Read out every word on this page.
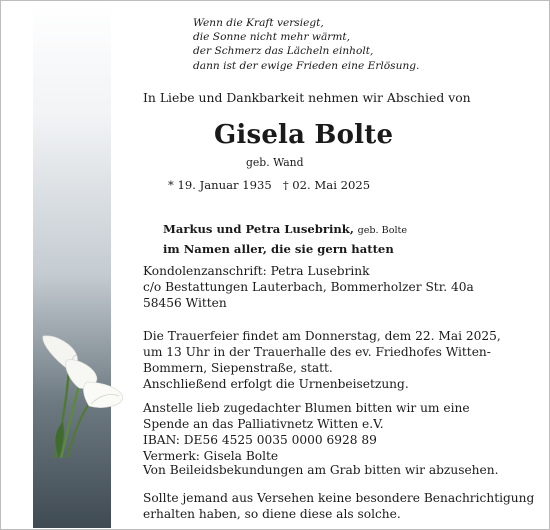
Wenn die Kraft versiegt,
die Sonne nicht mehr wärmt,
der Schmerz das Lächeln einholt,
dann ist der ewige Frieden eine Erlösung.
In Liebe und Dankbarkeit nehmen wir Abschied von
Gisela Bolte
geb. Wand
* 19. Januar 1935 † 02. Mai 2025
Markus und Petra Lusebrink, geb. Bolte
im Namen aller, die sie gern hatten
Kondolenzanschrift: Petra Lusebrink
c/o Bestattungen Lauterbach, Bommerholzer Str. 40a
58456 Witten
Die Trauerfeier findet am Donnerstag, dem 22. Mai 2025,
um 13 Uhr in der Trauerhalle des ev. Friedhofes Witten-
Bommern, Siepenstraße, statt.
Anschließend erfolgt die Urnenbeisetzung.
Anstelle lieb zugedachter Blumen bitten wir um eine
Spende an das Palliativnetz Witten e.V.
IBAN: DE56 4525 0035 0000 6928 89
Vermerk: Gisela Bolte
Von Beileidsbekundungen am Grab bitten wir abzusehen.
Sollte jemand aus Versehen keine besondere Benachrichtigung
erhalten haben, so diene diese als solche.
